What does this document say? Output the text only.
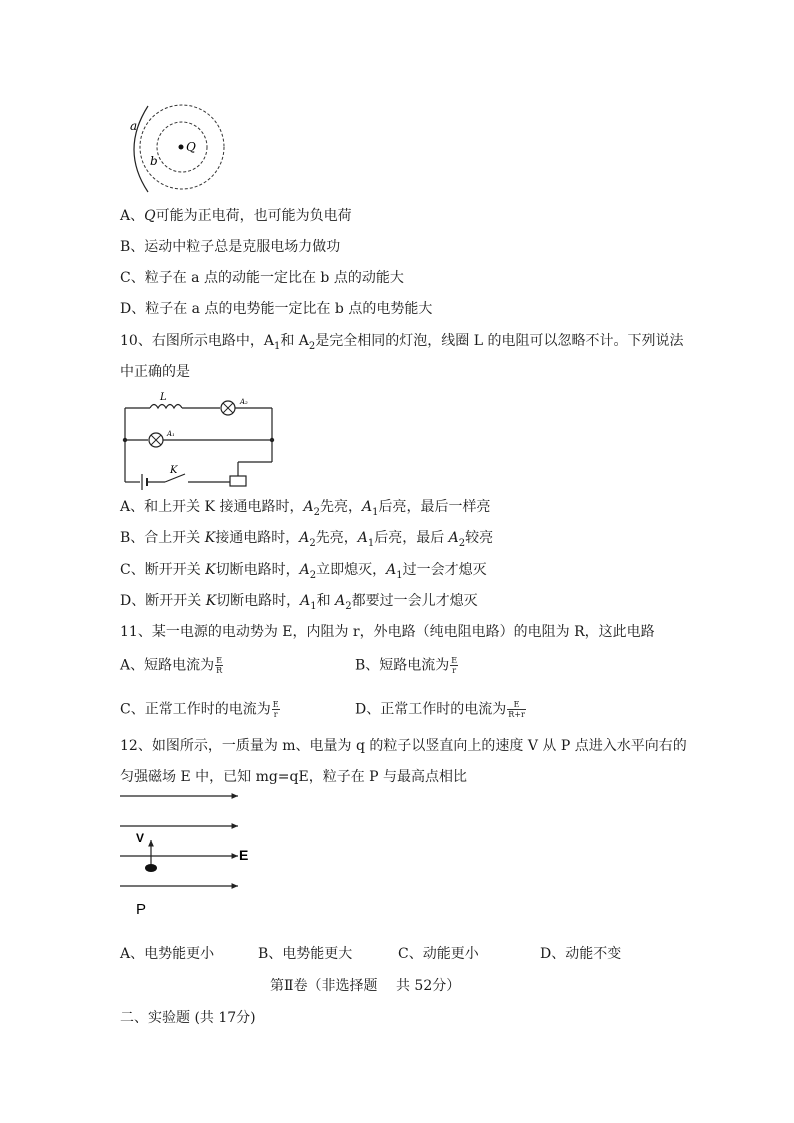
a
b
Q
A、Q可能为正电荷，也可能为负电荷
B、运动中粒子总是克服电场力做功
C、粒子在 a 点的动能一定比在 b 点的动能大
D、粒子在 a 点的电势能一定比在 b 点的电势能大
10、右图所示电路中，$A_1$和 $A_2$是完全相同的灯泡，线圈 L 的电阻可以忽略不计。下列说法
中正确的是
L	A₂
A₁
K
A、和上开关 K 接通电路时，$A_2$先亮，$A_1$后亮，最后一样亮
B、合上开关 K接通电路时，$A_2$先亮，$A_1$后亮，最后 $A_2$较亮
C、断开开关 K切断电路时，$A_2$立即熄灭，$A_1$过一会才熄灭
D、断开开关 K切断电路时，$A_1$和 $A_2$都要过一会儿才熄灭
11、某一电源的电动势为 E，内阻为 r，外电路（纯电阻电路）的电阻为 R，这此电路
A、短路电流为 $\frac{E}{R}$	B、短路电流为 $\frac{E}{r}$
C、正常工作时的电流为 $\frac{E}{r}$	D、正常工作时的电流为 $\frac{E}{R+r}$
12、如图所示，一质量为 m、电量为 q 的粒子以竖直向上的速度 V 从 P 点进入水平向右的
匀强磁场 E 中，已知 mg=qE，粒子在 P 与最高点相比
V
E
P
A、电势能更小	B、电势能更大	C、动能更小	D、动能不变
第Ⅱ卷（非选择题　 共 52分）
二、实验题 (共 17分)
